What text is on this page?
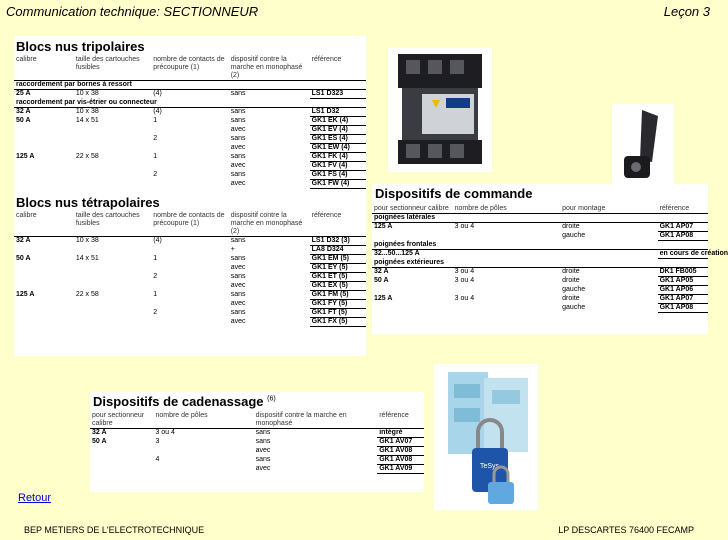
Communication technique: SECTIONNEUR	Leçon 3
Blocs nus tripolaires
calibre	taille des cartouches fusibles	nombre de contacts de précoupure (1)	dispositif contre la marche en monophasé (2)	référence
raccordement par bornes à ressort				
25 A	10 x 38	(4)	sans	LS1 D323
raccordement par vis-étrier ou connecteur				
32 A	10 x 38	(4)	sans	LS1 D32
50 A	14 x 51	1	sans	GK1 EK (4)
			avec	GK1 EV (4)
		2	sans	GK1 ES (4)
			avec	GK1 EW (4)
125 A	22 x 58	1	sans	GK1 FK (4)
			avec	GK1 FV (4)
		2	sans	GK1 FS (4)
			avec	GK1 FW (4)
Blocs nus tétrapolaires
calibre	taille des cartouches fusibles	nombre de contacts de précoupure (1)	dispositif contre la marche en monophasé (2)	référence
32 A	10 x 38	(4)	sans	LS1 D32 (3)
			+	LA8 D324
50 A	14 x 51	1	sans	GK1 EM (5)
			avec	GK1 EY (5)
		2	sans	GK1 ET (5)
			avec	GK1 EX (5)
125 A	22 x 58	1	sans	GK1 FM (5)
			avec	GK1 FY (5)
		2	sans	GK1 FT (5)
			avec	GK1 FX (5)
Dispositifs de commande
pour sectionneur calibre	nombre de pôles	pour montage	référence
poignées latérales			
125 A	3 ou 4	droite	GK1 AP07
		gauche	GK1 AP08
poignées frontales			
32...50...125 A			en cours de création
poignées extérieures			
32 A	3 ou 4	droite	DK1 FB005
50 A	3 ou 4	droite	GK1 AP05
		gauche	GK1 AP06
125 A	3 ou 4	droite	GK1 AP07
		gauche	GK1 AP08
Dispositifs de cadenassage $^{(6)}$
pour sectionneur calibre	nombre de pôles	dispositif contre la marche en monophasé	référence
32 A	3 ou 4	sans	intégré
50 A	3	sans	GK1 AV07
		avec	GK1 AV08
	4	sans	GK1 AV08
		avec	GK1 AV09	TeSys
Retour
BEP METIERS DE L'ELECTROTECHNIQUE	LP DESCARTES 76400 FECAMP
